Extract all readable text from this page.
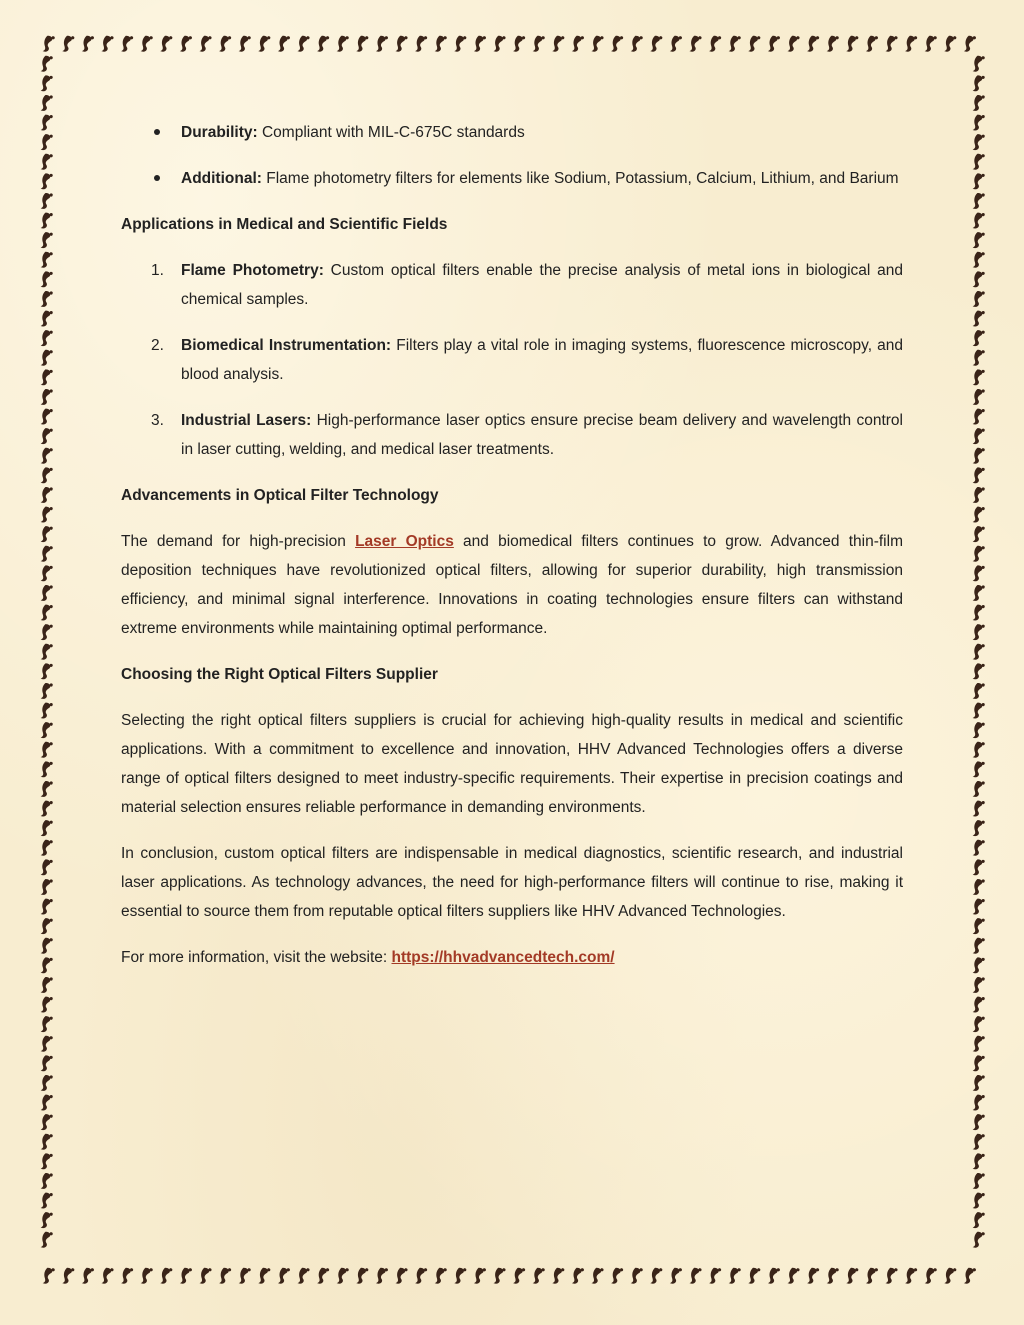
Durability: Compliant with MIL-C-675C standards
Additional: Flame photometry filters for elements like Sodium, Potassium, Calcium, Lithium, and Barium
Applications in Medical and Scientific Fields
1. Flame Photometry: Custom optical filters enable the precise analysis of metal ions in biological and chemical samples.
2. Biomedical Instrumentation: Filters play a vital role in imaging systems, fluorescence microscopy, and blood analysis.
3. Industrial Lasers: High-performance laser optics ensure precise beam delivery and wavelength control in laser cutting, welding, and medical laser treatments.
Advancements in Optical Filter Technology

The demand for high-precision Laser Optics and biomedical filters continues to grow. Advanced thin-film deposition techniques have revolutionized optical filters, allowing for superior durability, high transmission efficiency, and minimal signal interference. Innovations in coating technologies ensure filters can withstand extreme environments while maintaining optimal performance.

Choosing the Right Optical Filters Supplier

Selecting the right optical filters suppliers is crucial for achieving high-quality results in medical and scientific applications. With a commitment to excellence and innovation, HHV Advanced Technologies offers a diverse range of optical filters designed to meet industry-specific requirements. Their expertise in precision coatings and material selection ensures reliable performance in demanding environments.

In conclusion, custom optical filters are indispensable in medical diagnostics, scientific research, and industrial laser applications. As technology advances, the need for high-performance filters will continue to rise, making it essential to source them from reputable optical filters suppliers like HHV Advanced Technologies.

For more information, visit the website: https://hhvadvancedtech.com/
